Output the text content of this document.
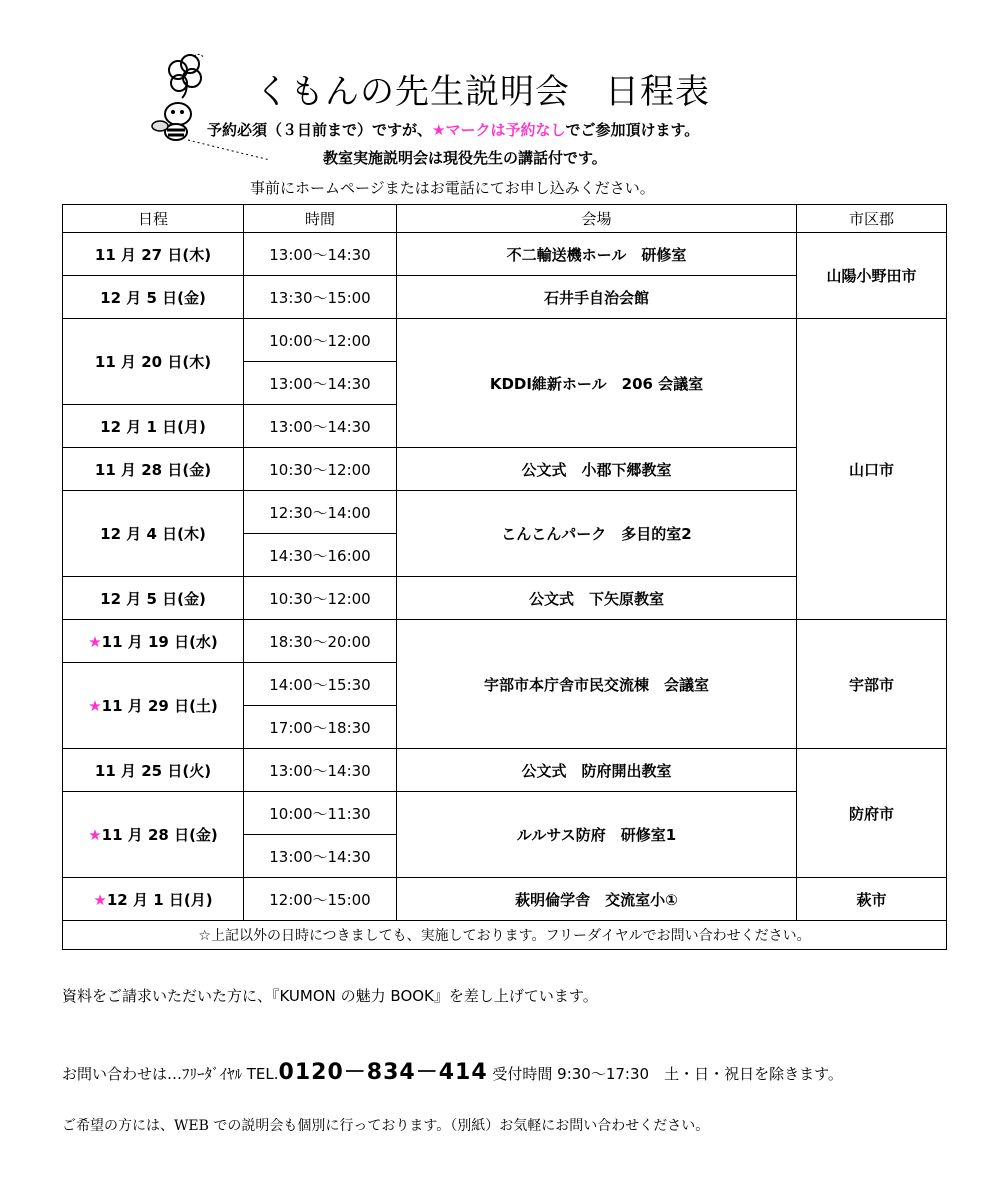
くもんの先生説明会　日程表
予約必須（３日前まで）ですが、★マークは予約なしでご参加頂けます。
教室実施説明会は現役先生の講話付です。
事前にホームページまたはお電話にてお申し込みください。
日程	時間	会場	市区郡
11 月 27 日(木)	13:00～14:30	不二輸送機ホール　研修室	山陽小野田市
12 月 5 日(金)	13:30～15:00	石井手自治会館	
11 月 20 日(木)	10:00～12:00	KDDI維新ホール　206 会議室	山口市
	13:00～14:30		
12 月 1 日(月)	13:00～14:30		
11 月 28 日(金)	10:30～12:00	公文式　小郡下郷教室	
12 月 4 日(木)	12:30～14:00	こんこんパーク　多目的室2	
	14:30～16:00		
12 月 5 日(金)	10:30～12:00	公文式　下矢原教室	
★11 月 19 日(水)	18:30～20:00	宇部市本庁舎市民交流棟　会議室	宇部市
★11 月 29 日(土)	14:00～15:30		
	17:00～18:30		
11 月 25 日(火)	13:00～14:30	公文式　防府開出教室	防府市
★11 月 28 日(金)	10:00～11:30	ルルサス防府　研修室1	
	13:00～14:30		
★12 月 1 日(月)	12:00～15:00	萩明倫学舎　交流室小①	萩市
☆上記以外の日時につきましても、実施しております。フリーダイヤルでお問い合わせください。			
資料をご請求いただいた方に、『KUMON の魅力 BOOK』を差し上げています。
お問い合わせは…ﾌﾘｰﾀﾞｲﾔﾙ TEL.0120－834－414 受付時間 9:30～17:30　土・日・祝日を除きます。
ご希望の方には、WEB での説明会も個別に行っております。（別紙）お気軽にお問い合わせください。
